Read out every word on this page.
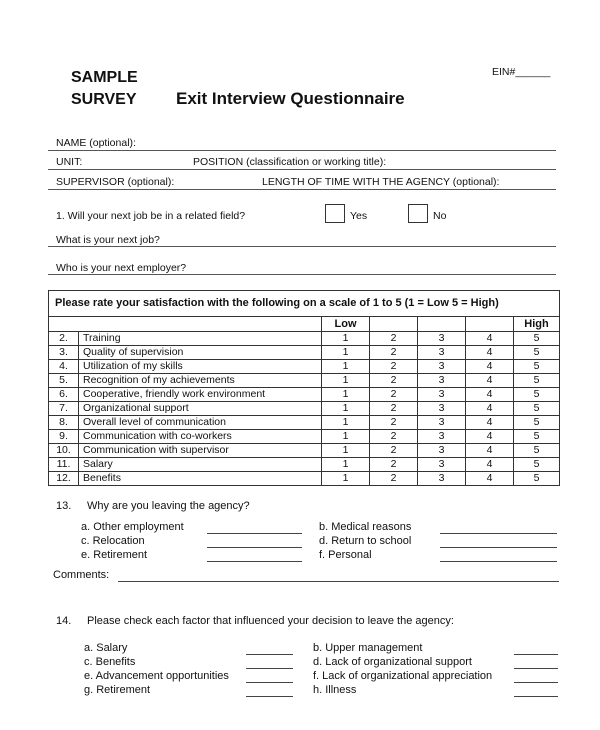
SAMPLE
SURVEY Exit Interview Questionnaire
EIN#______
NAME (optional):
UNIT:	POSITION (classification or working title):
SUPERVISOR (optional):	LENGTH OF TIME WITH THE AGENCY (optional):
1. Will your next job be in a related field?	Yes	No
What is your next job?
Who is your next employer?
Please rate your satisfaction with the following on a scale of 1 to 5 (1 = Low 5 = High)						
		Low				High
2.	Training	1	2	3	4	5
3.	Quality of supervision	1	2	3	4	5
4.	Utilization of my skills	1	2	3	4	5
5.	Recognition of my achievements	1	2	3	4	5
6.	Cooperative, friendly work environment	1	2	3	4	5
7.	Organizational support	1	2	3	4	5
8.	Overall level of communication	1	2	3	4	5
9.	Communication with co-workers	1	2	3	4	5
10.	Communication with supervisor	1	2	3	4	5
11.	Salary	1	2	3	4	5
12.	Benefits	1	2	3	4	5
13. Why are you leaving the agency?
a. Other employment	b. Medical reasons
c. Relocation	d. Return to school
e. Retirement	f. Personal
Comments:
14. Please check each factor that influenced your decision to leave the agency:
a. Salary	b. Upper management
c. Benefits	d. Lack of organizational support
e. Advancement opportunities	f. Lack of organizational appreciation
g. Retirement	h. Illness
